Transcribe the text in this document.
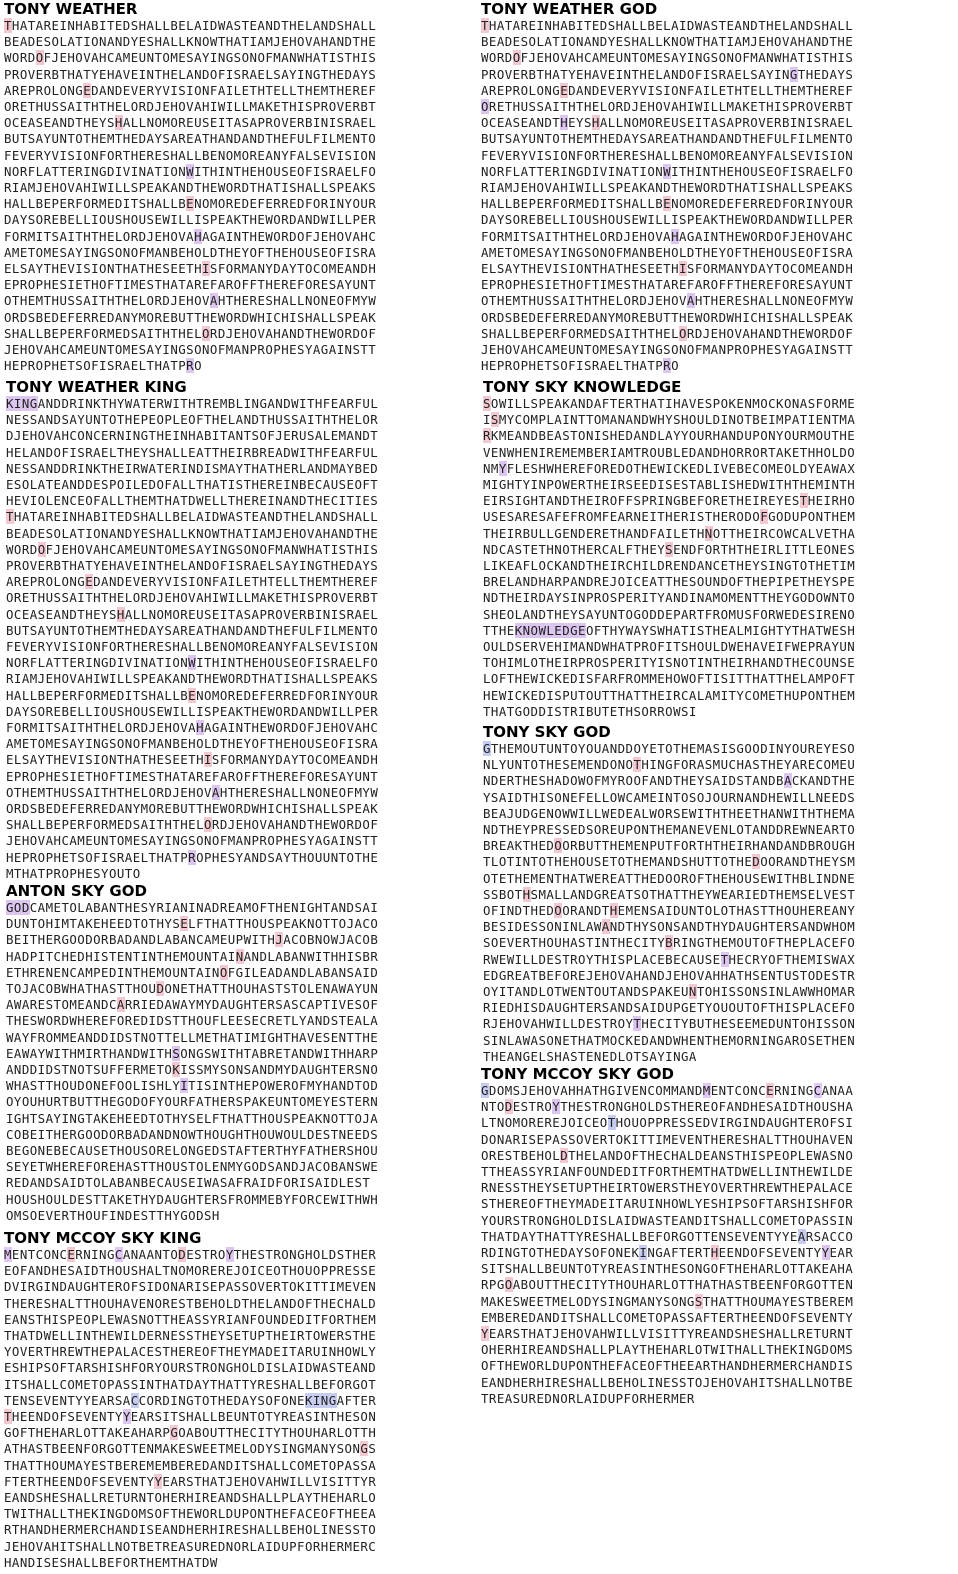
TONY WEATHER
THATAREINHABITEDSHALLBELAIDWASTEANDTHELANDSHALL
BEADESOLATIONANDYESHALLKNOWTHATIAMJEHOVAHANDTHE
WORDOFJEHOVAHCAMEUNTOMESAYINGSONOFMANWHATISTHIS
PROVERBTHATYEHAVEINTHELANDOFISRAELSAYINGTHEDAYS
AREPROLONGEDANDEVERYVISIONFAILETHTELLTHEMTHEREF
ORETHUSSAITHTHELORDJEHOVAHIWILLMAKETHISPROVERBT
OCEASEANDTHEYSHALLNOMOREUSEITASAPROVERBINISRAEL
BUTSAYUNTOTHEMTHEDAYSAREATHANDANDTHEFULFILMENTO
FEVERYVISIONFORTHERESHALLBENOMOREANYFALSEVISION
NORFLATTERINGDIVINATIONWITHINTHEHOUSEOFISRAELFO
RIAMJEHOVAHIWILLSPEAKANDTHEWORDTHATISHALLSPEAKS
HALLBEPERFORMEDITSHALLBENOMOREDEFERREDFORINYOUR
DAYSOREBELLIOUSHOUSEWILLISPEAKTHEWORDANDWILLPER
FORMITSAITHTHELORDJEHOVAHAGAINTHEWORDOFJEHOVAHC
AMETOMESAYINGSONOFMANBEHOLDTHEYOFTHEHOUSEOFISRA
ELSAYTHEVISIONTHATHESEETHISFORMANYDAYTOCOMEANDH
EPROPHESIETHOFTIMESTHATAREFAROFFTHEREFORESAYUNT
OTHEMTHUSSAITHTHELORDJEHOVAHTHERESHALLNONEOFMYW
ORDSBEDEFERREDANYMOREBUTTHEWORDWHICHISHALLSPEAK
SHALLBEPERFORMEDSAITHTHELORDJEHOVAHANDTHEWORDOF
JEHOVAHCAMEUNTOMESAYINGSONOFMANPROPHESYAGAINSTT
HEPROPHETSOFISRAELTHATPRO
TONY WEATHER GOD
THATAREINHABITEDSHALLBELAIDWASTEANDTHELANDSHALL
BEADESOLATIONANDYESHALLKNOWTHATIAMJEHOVAHANDTHE
WORDOFJEHOVAHCAMEUNTOMESAYINGSONOFMANWHATISTHIS
PROVERBTHATYEHAVEINTHELANDOFISRAELSAYINGTHEDAYS
AREPROLONGEDANDEVERYVISIONFAILETHTELLTHEMTHEREF
ORETHUSSAITHTHELORDJEHOVAHIWILLMAKETHISPROVERBT
OCEASEANDTHEYSHALLNOMOREUSEITASAPROVERBINISRAEL
BUTSAYUNTOTHEMTHEDAYSAREATHANDANDTHEFULFILMENTO
FEVERYVISIONFORTHERESHALLBENOMOREANYFALSEVISION
NORFLATTERINGDIVINATIONWITHINTHEHOUSEOFISRAELFO
RIAMJEHOVAHIWILLSPEAKANDTHEWORDTHATISHALLSPEAKS
HALLBEPERFORMEDITSHALLBENOMOREDEFERREDFORINYOUR
DAYSOREBELLIOUSHOUSEWILLISPEAKTHEWORDANDWILLPER
FORMITSAITHTHELORDJEHOVAHAGAINTHEWORDOFJEHOVAHC
AMETOMESAYINGSONOFMANBEHOLDTHEYOFTHEHOUSEOFISRA
ELSAYTHEVISIONTHATHESEETHISFORMANYDAYTOCOMEANDH
EPROPHESIETHOFTIMESTHATAREFAROFFTHEREFORESAYUNT
OTHEMTHUSSAITHTHELORDJEHOVAHTHERESHALLNONEOFMYW
ORDSBEDEFERREDANYMOREBUTTHEWORDWHICHISHALLSPEAK
SHALLBEPERFORMEDSAITHTHELORDJEHOVAHANDTHEWORDOF
JEHOVAHCAMEUNTOMESAYINGSONOFMANPROPHESYAGAINSTT
HEPROPHETSOFISRAELTHATPRO
TONY WEATHER KING
KINGANDDRINKTHYWATERWITHTREMBLINGANDWITHFEARFUL
NESSANDSAYUNTOTHEPEOPLEOFTHELANDTHUSSAITHTHELOR
DJEHOVAHCONCERNINGTHEINHABITANTSOFJERUSALEMANDT
HELANDOFISRAELTHEYSHALLEATTHEIRBREADWITHFEARFUL
NESSANDDRINKTHEIRWATERINDISMAYTHATHERLANDMAYBED
ESOLATEANDDESPOILEDOFALLTHATISTHEREINBECAUSEOFT
HEVIOLENCEOFALLTHEMTHATDWELLTHEREINANDTHECITIES
THATAREINHABITEDSHALLBELAIDWASTEANDTHELANDSHALL
BEADESOLATIONANDYESHALLKNOWTHATIAMJEHOVAHANDTHE
WORDOFJEHOVAHCAMEUNTOMESAYINGSONOFMANWHATISTHIS
PROVERBTHATYEHAVEINTHELANDOFISRAELSAYINGTHEDAYS
AREPROLONGEDANDEVERYVISIONFAILETHTELLTHEMTHEREF
ORETHUSSAITHTHELORDJEHOVAHIWILLMAKETHISPROVERBT
OCEASEANDTHEYSHALLNOMOREUSEITASAPROVERBINISRAEL
BUTSAYUNTOTHEMTHEDAYSAREATHANDANDTHEFULFILMENTO
FEVERYVISIONFORTHERESHALLBENOMOREANYFALSEVISION
NORFLATTERINGDIVINATIONWITHINTHEHOUSEOFISRAELFO
RIAMJEHOVAHIWILLSPEAKANDTHEWORDTHATISHALLSPEAKS
HALLBEPERFORMEDITSHALLBENOMOREDEFERREDFORINYOUR
DAYSOREBELLIOUSHOUSEWILLISPEAKTHEWORDANDWILLPER
FORMITSAITHTHELORDJEHOVAHAGAINTHEWORDOFJEHOVAHC
AMETOMESAYINGSONOFMANBEHOLDTHEYOFTHEHOUSEOFISRA
ELSAYTHEVISIONTHATHESEETHISFORMANYDAYTOCOMEANDH
EPROPHESIETHOFTIMESTHATAREFAROFFTHEREFORESAYUNT
OTHEMTHUSSAITHTHELORDJEHOVAHTHERESHALLNONEOFMYW
ORDSBEDEFERREDANYMOREBUTTHEWORDWHICHISHALLSPEAK
SHALLBEPERFORMEDSAITHTHELORDJEHOVAHANDTHEWORDOF
JEHOVAHCAMEUNTOMESAYINGSONOFMANPROPHESYAGAINSTT
HEPROPHETSOFISRAELTHATPROPHESYANDSAYTHOUUNTOTHE
MTHATPROPHESYOUTO
TONY SKY KNOWLEDGE
SOWILLSPEAKANDAFTERTHATIHAVESPOKENMOCKONASFORME
ISMYCOMPLAINTTOMANANDWHYSHOULDINOTBEIMPATIENTMA
RKMEANDBEASTONISHEDANDLAYYOURHANDUPONYOURMOUTHE
VENWHENIREMEMBERIAMTROUBLEDANDHORRORTAKETHHOLDO
NMYFLESHWHEREFOREDOTHEWICKEDLIVEBECOMEOLDYEAWAX
MIGHTYINPOWERTHEIRSEEDISESTABLISHEDWITHTHEMINTH
EIRSIGHTANDTHEIROFFSPRINGBEFORETHEIREYESTHEIRHO
USESARESAFEFROMFEARNEITHERISTHERODOFGODUPONTHEM
THEIRBULLGENDERETHANDFAILETHNOTTHEIRCOWCALVETHA
NDCASTETHNOTHERCALFTHEYSENDFORTHTHEIRLITTLEONES
LIKEAFLOCKANDTHEIRCHILDRENDANCETHEYSINGTOTHETIM
BRELANDHARPANDREJOICEATTHESOUNDOFTHEPIPETHEYSPE
NDTHEIRDAYSINPROSPERITYANDINAMOMENTTHEYGODOWNTO
SHEOLANDTHEYSAYUNTOGODDEPARTFROMUSFORWEDESIRENO
TTHEKNOWLEDGEOFTHYWAYSWHATISTHEALMIGHTYTHATWESH
OULDSERVEHIMANDWHATPROFITSHOULDWEHAVEIFWEPRAYUN
TOHIMLOTHEIRPROSPERITYISNOTINTHEIRHANDTHECOUNSE
LOFTHEWICKEDISFARFROMMEHOWOFTISITTHATTHELAMPOFT
HEWICKEDISPUTOUTTHATTHEIRCALAMITYCOMETHUPONTHEM
THATGODDISTRIBUTETHSORROWSI
TONY SKY GOD
GTHEMOUTUNTOYOUANDDOYETOTHEMASISGOODINYOUREYESO
NLYUNTOTHESEMENDONOTHINGFORASMUCHASTHEYARECOMEU
NDERTHESHADOWOFMYROOFANDTHEYSAIDSTANDBACKANDTHE
YSAIDTHISONEFELLOWCAMEINTOSOJOURNANDHEWILLNEEDS
BEAJUDGENOWWILLWEDEALWORSEWITHTHEETHANWITHTHEMA
NDTHEYPRESSEDSOREUPONTHEMANEVENLOTANDDREWNEARTO
BREAKTHEDOORBUTTHEMENPUTFORTHTHEIRHANDANDBROUGH
TLOTINTOTHEHOUSETOTHEMANDSHUTTOTHEDOORANDTHEYSM
OTETHEMENTHATWEREATTHEDOOROFTHEHOUSEWITHBLINDNE
SSBOTHSMALLANDGREATSOTHATTHEYWEARIEDTHEMSELVEST
OFINDTHEDOORANDTHEMENSAIDUNTOLOTHASTTHOUHEREANY
BESIDESSONINLAWANDTHYSONSANDTHYDAUGHTERSANDWHOM
SOEVERTHOUHASTINTHECITYBRINGTHEMOUTOFTHEPLACEFO
RWEWILLDESTROYTHISPLACEBECAUSETHECRYOFTHEMISWAX
EDGREATBEFOREJEHOVAHANDJEHOVAHHATHSENTUSTODESTR
OYITANDLOTWENTOUTANDSPAKEUNTOHISSONSINLAWWHOMAR
RIEDHISDAUGHTERSANDSAIDUPGETYOUOUTOFTHISPLACEFO
RJEHOVAHWILLDESTROYTHECITYBUTHESEEMEDUNTOHISSON
SINLAWASONETHATMOCKEDANDWHENTHEMORNINGAROSETHEN
THEANGELSHASTENEDLOTSAYINGA
ANTON SKY GOD
GODCAMETOLABANTHESYRIANINADREAMOFTHENIGHTANDSAI
DUNTOHIMTAKEHEEDTOTHYSELFTHATTHOUSPEAKNOTTOJACO
BEITHERGOODORBADANDLABANCAMEUPWITHJACOBNOWJACOB
HADPITCHEDHISTENTINTHEMOUNTAINANDLABANWITHHISBR
ETHRENENCAMPEDINTHEMOUNTAINOFGILEADANDLABANSAID
TOJACOBWHATHASTTHOUDONETHATTHOUHASTSTOLENAWAYUN
AWARESTOMEANDCARRIEDAWAYMYDAUGHTERSASCAPTIVESOF
THESWORDWHEREFOREDIDSTTHOUFLEESECRETLYANDSTEALA
WAYFROMMEANDDIDSTNOTTELLMETHATIMIGHTHAVESENTTHE
EAWAYWITHMIRTHANDWITHSONGSWITHTABRETANDWITHHARP
ANDDIDSTNOTSUFFERMETOKISSMYSONSANDMYDAUGHTERSNO
WHASTTHOUDONEFOOLISHLYITISINTHEPOWEROFMYHANDTOD
OYOUHURTBUTTHEGODOFYOURFATHERSPAKEUNTOMEYESTERN
IGHTSAYINGTAKEHEEDTOTHYSELFTHATTHOUSPEAKNOTTOJA
COBEITHERGOODORBADANDNOWTHOUGHTHOUWOULDESTNEEDS
BEGONEBECAUSETHOUSORELONGEDSTAFTERTHYFATHERSHOU
SEYETWHEREFOREHASTTHOUSTOLENMYGODSANDJACOBANSWE
REDANDSAIDTOLABANBECAUSEIWASAFRAIDFORISAIDLEST
HOUSHOULDESTTAKETHYDAUGHTERSFROMMEBYFORCEWITHWH
OMSOEVERTHOUFINDESTTHYGODSH
TONY MCCOY SKY GOD
GDOMSJEHOVAHHATHGIVENCOMMANDMENTCONCERNINGCANAA
NTODESTROYTHESTRONGHOLDSTHEREOFANDHESAIDTHOUSHA
LTNOMOREREJOICEOTHOUOPPRESSEDVIRGINDAUGHTEROFSI
DONARISEPASSOVERTOKITTIMEVENTHERESHALTTHOUHAVEN
ORESTBEHOLDTHELANDOFTHECHALDEANSTHISPEOPLEWASNO
TTHEASSYRIANFOUNDEDITFORTHEMTHATDWELLINTHEWILDE
RNESSTHEYSETUPTHEIRTOWERSTHEYOVERTHREWTHEPALACE
STHEREOFTHEYMADEITARUINHOWLYESHIPSOFTARSHISHFOR
YOURSTRONGHOLDISLAIDWASTEANDITSHALLCOMETOPASSIN
THATDAYTHATTYRESHALLBEFORGOTTENSEVENTYYEARSACCO
RDINGTOTHEDAYSOFONEKINGAFTERTHEENDOFSEVENTYYEAR
SITSHALLBEUNTOTYREASINTHESONGOFTHEHARLOTTAKEAHA
RPGOABOUTTHECITYTHOUHARLOTTHATHASTBEENFORGOTTEN
MAKESWEETMELODYSINGMANYSONGSTHATTHOUMAYESTBEREM
EMBEREDANDITSHALLCOMETOPASSAFTERTHEENDOFSEVENTY
YEARSTHATJEHOVAHWILLVISITTYREANDSHESHALLRETURNT
OHERHIREANDSHALLPLAYTHEHARLOTWITHALLTHEKINGDOMS
OFTHEWORLDUPONTHEFACEOFTHEEARTHANDHERMERCHANDIS
EANDHERHIRESHALLBEHOLINESSTOJEHOVAHITSHALLNOTBE
TREASUREDNORLAIDUPFORHERMER
TONY MCCOY SKY KING
MENTCONCERNINGCANAANTODESTROYTHESTRONGHOLDSTHER
EOFANDHESAIDTHOUSHALTNOMOREREJOICEOTHOUOPPRESSE
DVIRGINDAUGHTEROFSIDONARISEPASSOVERTOKITTIMEVEN
THERESHALTTHOUHAVENORESTBEHOLDTHELANDOFTHECHALD
EANSTHISPEOPLEWASNOTTHEASSYRIANFOUNDEDITFORTHEM
THATDWELLINTHEWILDERNESSTHEYSETUPTHEIRTOWERSTHE
YOVERTHREWTHEPALACESTHEREOFTHEYMADEITARUINHOWLY
ESHIPSOFTARSHISHFORYOURSTRONGHOLDISLAIDWASTEAND
ITSHALLCOMETOPASSINTHATDAYTHATTYRESHALLBEFORGOT
TENSEVENTYYEARSACCORDINGTOTHEDAYSOFONEKINGAFTER
THEENDOFSEVENTYYEARSITSHALLBEUNTOTYREASINTHESON
GOFTHEHARLOTTAKEAHARPGOABOUTTHECITYTHOUHARLOTTH
ATHASTBEENFORGOTTENMAKESWEETMELODYSINGMANYSONGS
THATTHOUMAYESTBEREMEMBEREDANDITSHALLCOMETOPASSA
FTERTHEENDOFSEVENTYYEARSTHATJEHOVAHWILLVISITTYR
EANDSHESHALLRETURNTOHERHIREANDSHALLPLAYTHEHARLO
TWITHALLTHEKINGDOMSOFTHEWORLDUPONTHEFACEOFTHEEA
RTHANDHERMERCHANDISEANDHERHIRESHALLBEHOLINESSTO
JEHOVAHITSHALLNOTBETREASUREDNORLAIDUPFORHERMERC
HANDISESHALLBEFORTHEMTHATDW
